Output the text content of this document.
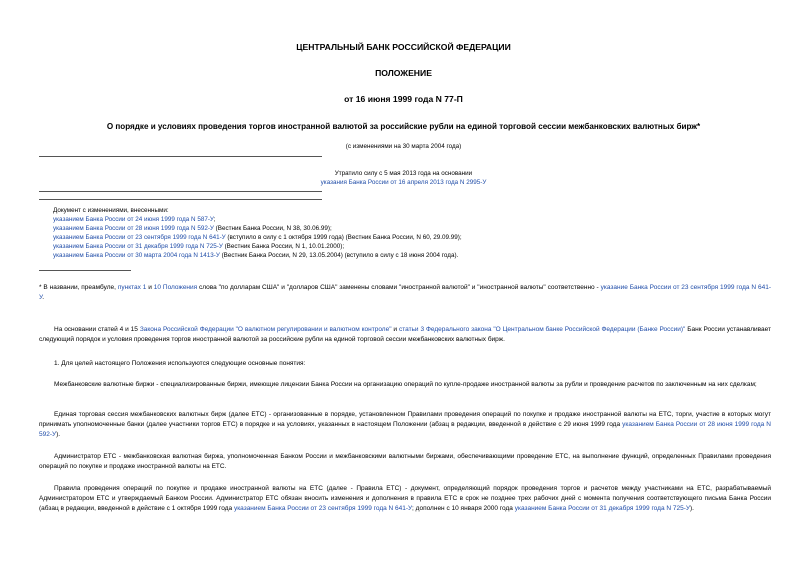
ЦЕНТРАЛЬНЫЙ БАНК РОССИЙСКОЙ ФЕДЕРАЦИИ
ПОЛОЖЕНИЕ
от 16 июня 1999 года N 77-П
О порядке и условиях проведения торгов иностранной валютой за российские рубли на единой торговой сессии межбанковских валютных бирж*
(с изменениями на 30 марта 2004 года)
Утратило силу с 5 мая 2013 года на основании
указания Банка России от 16 апреля 2013 года N 2995-У
Документ с изменениями, внесенными:
указанием Банка России от 24 июня 1999 года N 587-У;
указанием Банка России от 28 июня 1999 года N 592-У (Вестник Банка России, N 38, 30.06.99);
указанием Банка России от 23 сентября 1999 года N 641-У (вступило в силу с 1 октября 1999 года) (Вестник Банка России, N 60, 29.09.99);
указанием Банка России от 31 декабря 1999 года N 725-У (Вестник Банка России, N 1, 10.01.2000);
указанием Банка России от 30 марта 2004 года N 1413-У (Вестник Банка России, N 29, 13.05.2004) (вступило в силу с 18 июня 2004 года).
* В названии, преамбуле, пунктах 1 и 10 Положения слова "по долларам США" и "долларов США" заменены словами "иностранной валютой" и "иностранной валюты" соответственно - указание Банка России от 23 сентября 1999 года N 641-У.
На основании статей 4 и 15 Закона Российской Федерации "О валютном регулировании и валютном контроле" и статьи 3 Федерального закона "О Центральном банке Российской Федерации (Банке России)" Банк России устанавливает следующий порядок и условия проведения торгов иностранной валютой за российские рубли на единой торговой сессии межбанковских валютных бирж.
1. Для целей настоящего Положения используются следующие основные понятия:
Межбанковские валютные биржи - специализированные биржи, имеющие лицензии Банка России на организацию операций по купле-продаже иностранной валюты за рубли и проведение расчетов по заключенным на них сделкам;
Единая торговая сессия межбанковских валютных бирж (далее ЕТС) - организованные в порядке, установленном Правилами проведения операций по покупке и продаже иностранной валюты на ЕТС, торги, участие в которых могут принимать уполномоченные банки (далее участники торгов ЕТС) в порядке и на условиях, указанных в настоящем Положении (абзац в редакции, введенной в действие с 29 июня 1999 года указанием Банка России от 28 июня 1999 года N 592-У).
Администратор ЕТС - межбанковская валютная биржа, уполномоченная Банком России и межбанковскими валютными биржами, обеспечивающими проведение ЕТС, на выполнение функций, определенных Правилами проведения операций по покупке и продаже иностранной валюты на ЕТС.
Правила проведения операций по покупке и продаже иностранной валюты на ЕТС (далее - Правила ЕТС) - документ, определяющий порядок проведения торгов и расчетов между участниками на ЕТС, разрабатываемый Администратором ЕТС и утверждаемый Банком России. Администратор ЕТС обязан вносить изменения и дополнения в правила ЕТС в срок не позднее трех рабочих дней с момента получения соответствующего письма Банка России (абзац в редакции, введенной в действие с 1 октября 1999 года указанием Банка России от 23 сентября 1999 года N 641-У; дополнен с 10 января 2000 года указанием Банка России от 31 декабря 1999 года N 725-У).
